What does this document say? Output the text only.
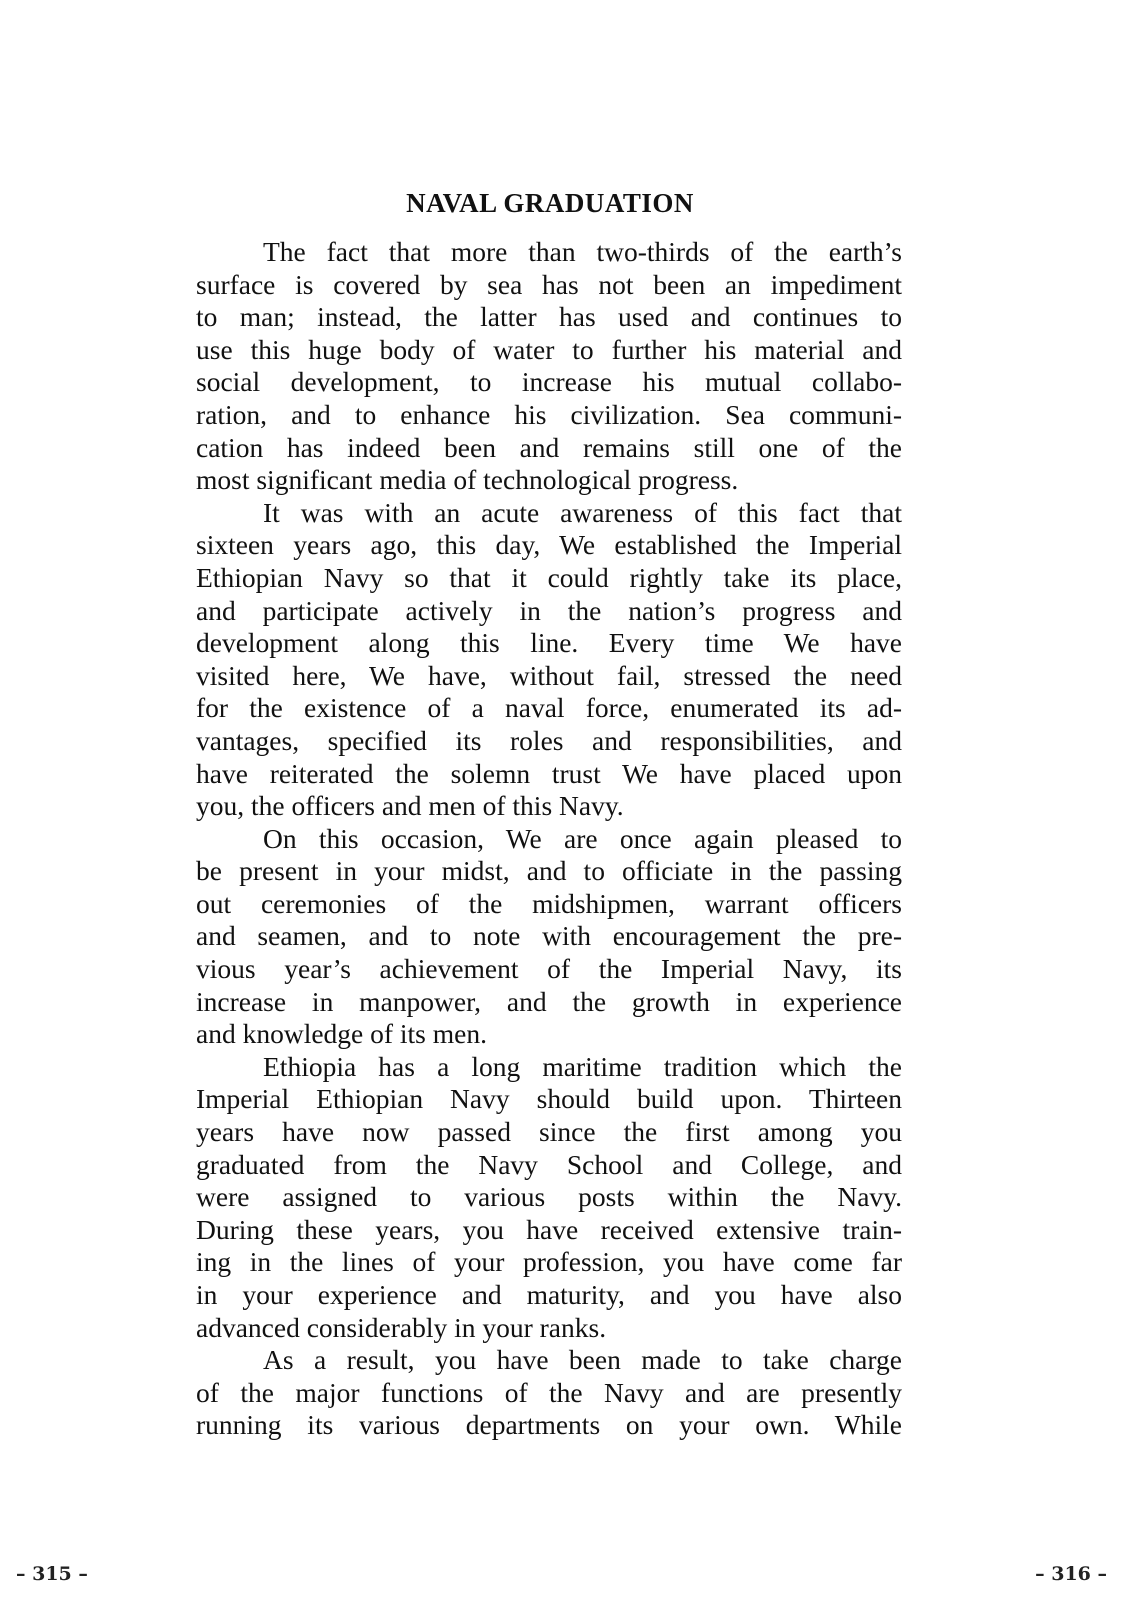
NAVAL GRADUATION
The fact that more than two-thirds of the earth’s
surface is covered by sea has not been an impediment
to man; instead, the latter has used and continues to
use this huge body of water to further his material and
social development, to increase his mutual collabo-
ration, and to enhance his civilization. Sea communi-
cation has indeed been and remains still one of the
most significant media of technological progress.
It was with an acute awareness of this fact that
sixteen years ago, this day, We established the Imperial
Ethiopian Navy so that it could rightly take its place,
and participate actively in the nation’s progress and
development along this line. Every time We have
visited here, We have, without fail, stressed the need
for the existence of a naval force, enumerated its ad-
vantages, specified its roles and responsibilities, and
have reiterated the solemn trust We have placed upon
you, the officers and men of this Navy.
On this occasion, We are once again pleased to
be present in your midst, and to officiate in the passing
out ceremonies of the midshipmen, warrant officers
and seamen, and to note with encouragement the pre-
vious year’s achievement of the Imperial Navy, its
increase in manpower, and the growth in experience
and knowledge of its men.
Ethiopia has a long maritime tradition which the
Imperial Ethiopian Navy should build upon. Thirteen
years have now passed since the first among you
graduated from the Navy School and College, and
were assigned to various posts within the Navy.
During these years, you have received extensive train-
ing in the lines of your profession, you have come far
in your experience and maturity, and you have also
advanced considerably in your ranks.
As a result, you have been made to take charge
of the major functions of the Navy and are presently
running its various departments on your own. While
– 315 –	– 316 –
